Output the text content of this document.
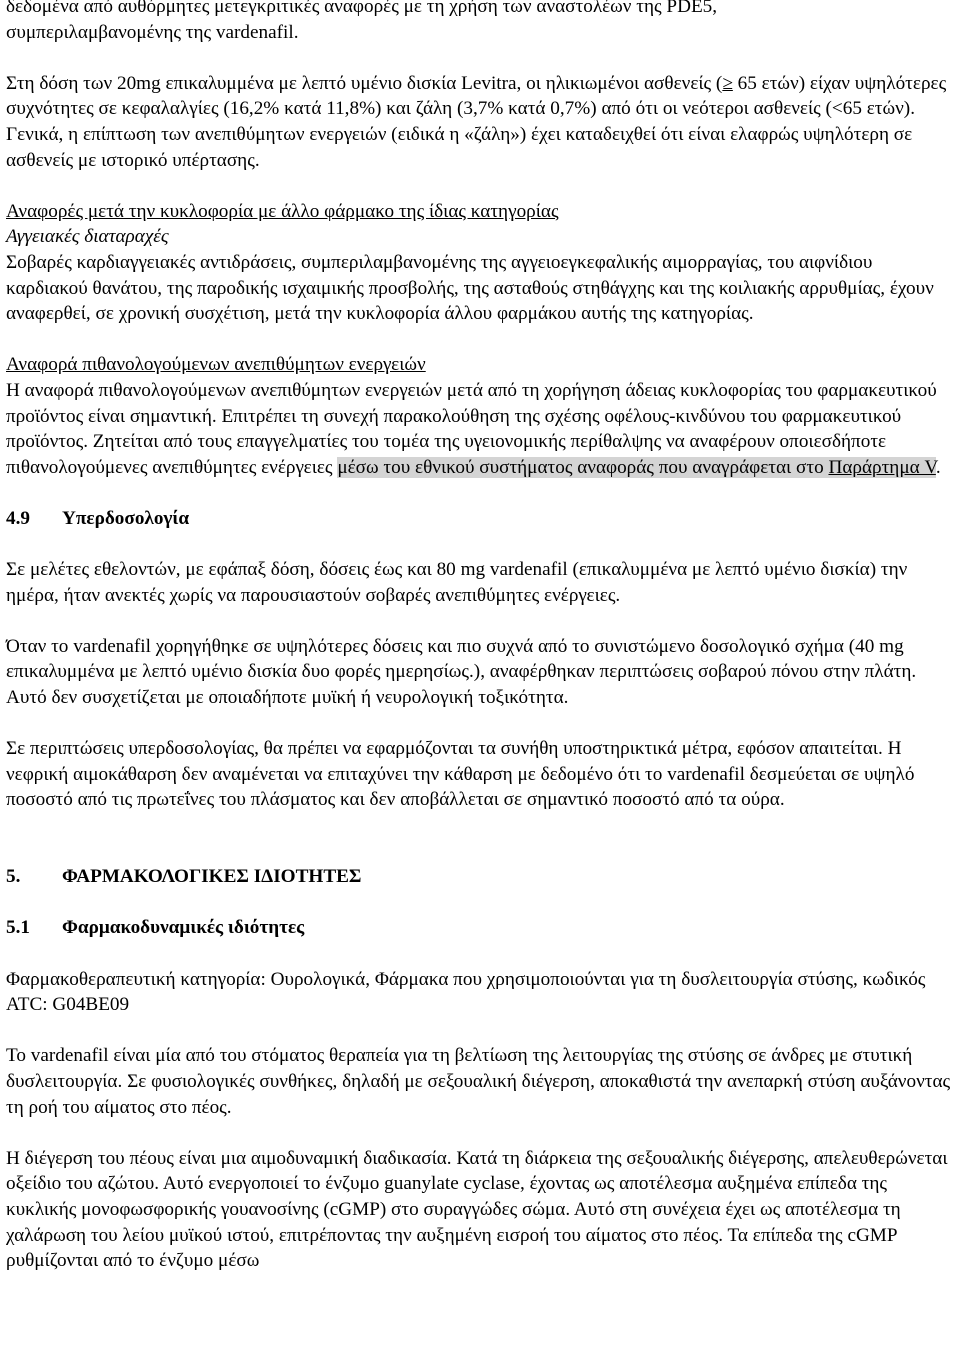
δεδομένα από αυθόρμητες μετεγκριτικές αναφορές με τη χρήση των αναστολέων της PDE5,

συμπεριλαμβανομένης της vardenafil.

Στη δόση των 20mg επικαλυμμένα με λεπτό υμένιο δισκία Levitra, οι ηλικιωμένοι ασθενείς (≥ 65 ετών) είχαν υψηλότερες συχνότητες σε κεφαλαλγίες (16,2% κατά 11,8%) και ζάλη (3,7% κατά 0,7%) από ότι οι νεότεροι ασθενείς (<65 ετών). Γενικά, η επίπτωση των ανεπιθύμητων ενεργειών (ειδικά η «ζάλη») έχει καταδειχθεί ότι είναι ελαφρώς υψηλότερη σε ασθενείς με ιστορικό υπέρτασης.

Αναφορές μετά την κυκλοφορία με άλλο φάρμακο της ίδιας κατηγορίας

Αγγειακές διαταραχές

Σοβαρές καρδιαγγειακές αντιδράσεις, συμπεριλαμβανομένης της αγγειοεγκεφαλικής αιμορραγίας, του αιφνίδιου καρδιακού θανάτου, της παροδικής ισχαιμικής προσβολής, της ασταθούς στηθάγχης και της κοιλιακής αρρυθμίας, έχουν αναφερθεί, σε χρονική συσχέτιση, μετά την κυκλοφορία άλλου φαρμάκου αυτής της κατηγορίας.

Αναφορά πιθανολογούμενων ανεπιθύμητων ενεργειών

Η αναφορά πιθανολογούμενων ανεπιθύμητων ενεργειών μετά από τη χορήγηση άδειας κυκλοφορίας του φαρμακευτικού προϊόντος είναι σημαντική. Επιτρέπει τη συνεχή παρακολούθηση της σχέσης οφέλους-κινδύνου του φαρμακευτικού προϊόντος. Ζητείται από τους επαγγελματίες του τομέα της υγειονομικής περίθαλψης να αναφέρουν οποιεσδήποτε πιθανολογούμενες ανεπιθύμητες ενέργειες μέσω του εθνικού συστήματος αναφοράς που αναγράφεται στο Παράρτημα V.

4.9 Υπερδοσολογία

Σε μελέτες εθελοντών, με εφάπαξ δόση, δόσεις έως και 80 mg vardenafil (επικαλυμμένα με λεπτό υμένιο δισκία) την ημέρα, ήταν ανεκτές χωρίς να παρουσιαστούν σοβαρές ανεπιθύμητες ενέργειες.

Όταν το vardenafil χορηγήθηκε σε υψηλότερες δόσεις και πιο συχνά από το συνιστώμενο δοσολογικό σχήμα (40 mg επικαλυμμένα με λεπτό υμένιο δισκία δυο φορές ημερησίως.), αναφέρθηκαν περιπτώσεις σοβαρού πόνου στην πλάτη. Αυτό δεν συσχετίζεται με οποιαδήποτε μυϊκή ή νευρολογική τοξικότητα.

Σε περιπτώσεις υπερδοσολογίας, θα πρέπει να εφαρμόζονται τα συνήθη υποστηρικτικά μέτρα, εφόσον απαιτείται. Η νεφρική αιμοκάθαρση δεν αναμένεται να επιταχύνει την κάθαρση με δεδομένο ότι το vardenafil δεσμεύεται σε υψηλό ποσοστό από τις πρωτεΐνες του πλάσματος και δεν αποβάλλεται σε σημαντικό ποσοστό από τα ούρα.

5. ΦΑΡΜΑΚΟΛΟΓΙΚΕΣ ΙΔΙΟΤΗΤΕΣ

5.1 Φαρμακοδυναμικές ιδιότητες

Φαρμακοθεραπευτική κατηγορία: Ουρολογικά, Φάρμακα που χρησιμοποιούνται για τη δυσλειτουργία στύσης, κωδικός ATC: G04BE09

Το vardenafil είναι μία από του στόματος θεραπεία για τη βελτίωση της λειτουργίας της στύσης σε άνδρες με στυτική δυσλειτουργία. Σε φυσιολογικές συνθήκες, δηλαδή με σεξουαλική διέγερση, αποκαθιστά την ανεπαρκή στύση αυξάνοντας τη ροή του αίματος στο πέος.

Η διέγερση του πέους είναι μια αιμοδυναμική διαδικασία. Κατά τη διάρκεια της σεξουαλικής διέγερσης, απελευθερώνεται οξείδιο του αζώτου. Αυτό ενεργοποιεί το ένζυμο guanylate cyclase, έχοντας ως αποτέλεσμα αυξημένα επίπεδα της κυκλικής μονοφωσφορικής γουανοσίνης (cGMP) στο συραγγώδες σώμα. Αυτό στη συνέχεια έχει ως αποτέλεσμα τη χαλάρωση του λείου μυϊκού ιστού, επιτρέποντας την αυξημένη εισροή του αίματος στο πέος. Τα επίπεδα της cGMP ρυθμίζονται από το ένζυμο μέσω
